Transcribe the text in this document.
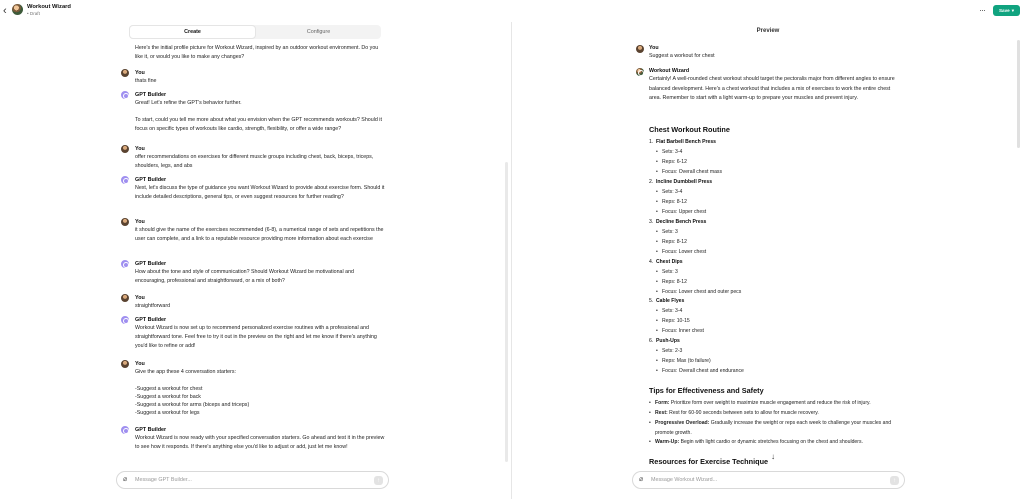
‹	Workout Wizard
• Draft	···	Save ▾
Create	Configure
Here's the initial profile picture for Workout Wizard, inspired by an outdoor workout environment. Do you like it, or would you like to make any changes?
You
thats fine
GPT Builder
Great! Let's refine the GPT's behavior further.
To start, could you tell me more about what you envision when the GPT recommends workouts? Should it focus on specific types of workouts like cardio, strength, flexibility, or offer a wide range?
You
offer recommendations on exercises for different muscle groups including chest, back, biceps, triceps, shoulders, legs, and abs
GPT Builder
Next, let's discuss the type of guidance you want Workout Wizard to provide about exercise form. Should it include detailed descriptions, general tips, or even suggest resources for further reading?
You
it should give the name of the exercises recommended (6-8), a numerical range of sets and repetitions the user can complete, and a link to a reputable resource providing more information about each exercise
GPT Builder
How about the tone and style of communication? Should Workout Wizard be motivational and encouraging, professional and straightforward, or a mix of both?
You
straightforward
GPT Builder
Workout Wizard is now set up to recommend personalized exercise routines with a professional and straightforward tone. Feel free to try it out in the preview on the right and let me know if there's anything you'd like to refine or add!
You
Give the app these 4 conversation starters:
-Suggest a workout for chest
-Suggest a workout for back
-Suggest a workout for arms (biceps and triceps)
-Suggest a workout for legs
GPT Builder
Workout Wizard is now ready with your specified conversation starters. Go ahead and test it in the preview to see how it responds. If there's anything else you'd like to adjust or add, just let me know!
⌀
Message GPT Builder...	↑
Preview
You
Suggest a workout for chest
Workout Wizard
Certainly! A well-rounded chest workout should target the pectoralis major from different angles to ensure balanced development. Here's a chest workout that includes a mix of exercises to work the entire chest area. Remember to start with a light warm-up to prepare your muscles and prevent injury.
Chest Workout Routine
1. Flat Barbell Bench Press
• Sets: 3-4
• Reps: 6-12
• Focus: Overall chest mass
2. Incline Dumbbell Press
• Sets: 3-4
• Reps: 8-12
• Focus: Upper chest
3. Decline Bench Press
• Sets: 3
• Reps: 8-12
• Focus: Lower chest
4. Chest Dips
• Sets: 3
• Reps: 8-12
• Focus: Lower chest and outer pecs
5. Cable Flyes
• Sets: 3-4
• Reps: 10-15
• Focus: Inner chest
6. Push-Ups
• Sets: 2-3
• Reps: Max (to failure)
• Focus: Overall chest and endurance
Tips for Effectiveness and Safety
• Form: Prioritize form over weight to maximize muscle engagement and reduce the risk of injury.
• Rest: Rest for 60-90 seconds between sets to allow for muscle recovery.
• Progressive Overload: Gradually increase the weight or reps each week to challenge your muscles and promote growth.
• Warm-Up: Begin with light cardio or dynamic stretches focusing on the chest and shoulders.
Resources for Exercise Technique
↓
⌀
Message Workout Wizard...	↑
